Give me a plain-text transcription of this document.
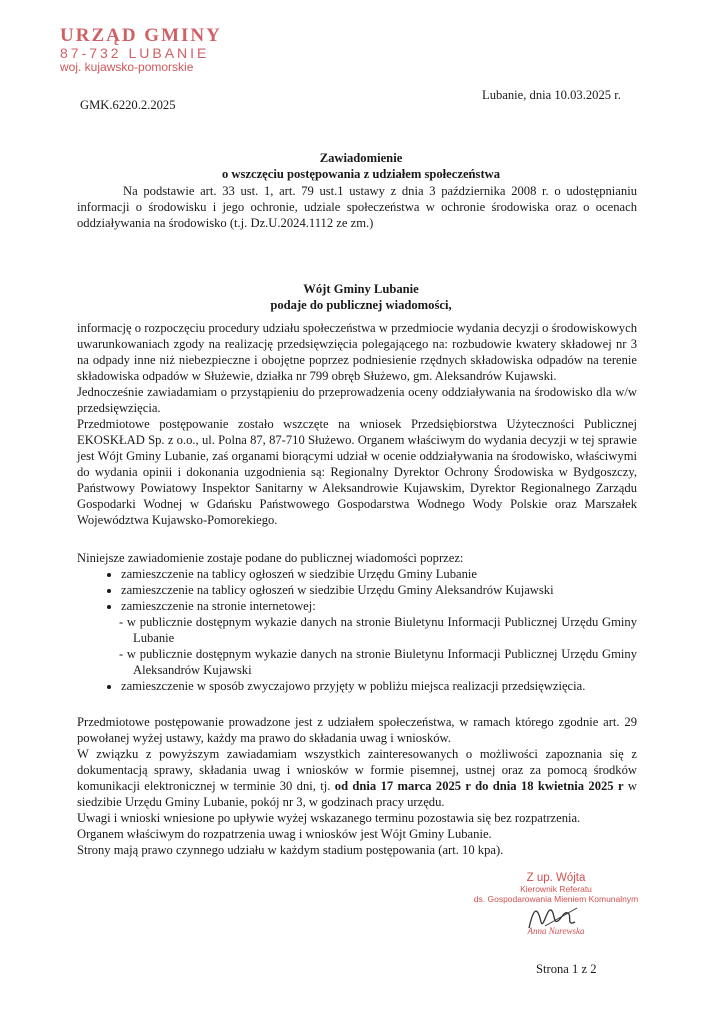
URZĄD GMINY
87-732 LUBANIE
woj. kujawsko-pomorskie
Lubanie, dnia 10.03.2025 r.
GMK.6220.2.2025
Zawiadomienie
o wszczęciu postępowania z udziałem społeczeństwa
Na podstawie art. 33 ust. 1, art. 79 ust.1 ustawy z dnia 3 października 2008 r. o udostępnianiu informacji o środowisku i jego ochronie, udziale społeczeństwa w ochronie środowiska oraz o ocenach oddziaływania na środowisko (t.j. Dz.U.2024.1112 ze zm.)
Wójt Gminy Lubanie
podaje do publicznej wiadomości,

informację o rozpoczęciu procedury udziału społeczeństwa w przedmiocie wydania decyzji o środowiskowych uwarunkowaniach zgody na realizację przedsięwzięcia polegającego na: rozbudowie kwatery składowej nr 3 na odpady inne niż niebezpieczne i obojętne poprzez podniesienie rzędnych składowiska odpadów na terenie składowiska odpadów w Służewie, działka nr 799 obręb Służewo, gm. Aleksandrów Kujawski.

Jednocześnie zawiadamiam o przystąpieniu do przeprowadzenia oceny oddziaływania na środowisko dla w/w przedsięwzięcia.

Przedmiotowe postępowanie zostało wszczęte na wniosek Przedsiębiorstwa Użyteczności Publicznej EKOSKŁAD Sp. z o.o., ul. Polna 87, 87-710 Służewo. Organem właściwym do wydania decyzji w tej sprawie jest Wójt Gminy Lubanie, zaś organami biorącymi udział w ocenie oddziaływania na środowisko, właściwymi do wydania opinii i dokonania uzgodnienia są: Regionalny Dyrektor Ochrony Środowiska w Bydgoszczy, Państwowy Powiatowy Inspektor Sanitarny w Aleksandrowie Kujawskim, Dyrektor Regionalnego Zarządu Gospodarki Wodnej w Gdańsku Państwowego Gospodarstwa Wodnego Wody Polskie oraz Marszałek Województwa Kujawsko-Pomorekiego.

Niniejsze zawiadomienie zostaje podane do publicznej wiadomości poprzez:
• zamieszczenie na tablicy ogłoszeń w siedzibie Urzędu Gminy Lubanie
• zamieszczenie na tablicy ogłoszeń w siedzibie Urzędu Gminy Aleksandrów Kujawski
• zamieszczenie na stronie internetowej:
- w publicznie dostępnym wykazie danych na stronie Biuletynu Informacji Publicznej Urzędu Gminy Lubanie
- w publicznie dostępnym wykazie danych na stronie Biuletynu Informacji Publicznej Urzędu Gminy Aleksandrów Kujawski
• zamieszczenie w sposób zwyczajowo przyjęty w pobliżu miejsca realizacji przedsięwzięcia.

Przedmiotowe postępowanie prowadzone jest z udziałem społeczeństwa, w ramach którego zgodnie art. 29 powołanej wyżej ustawy, każdy ma prawo do składania uwag i wniosków.

W związku z powyższym zawiadamiam wszystkich zainteresowanych o możliwości zapoznania się z dokumentacją sprawy, składania uwag i wniosków w formie pisemnej, ustnej oraz za pomocą środków komunikacji elektronicznej w terminie 30 dni, tj. od dnia 17 marca 2025 r do dnia 18 kwietnia 2025 r w siedzibie Urzędu Gminy Lubanie, pokój nr 3, w godzinach pracy urzędu.

Uwagi i wnioski wniesione po upływie wyżej wskazanego terminu pozostawia się bez rozpatrzenia.

Organem właściwym do rozpatrzenia uwag i wniosków jest Wójt Gminy Lubanie.

Strony mają prawo czynnego udziału w każdym stadium postępowania (art. 10 kpa).

Z up. Wójta
Kierownik Referatu
ds. Gospodarowania Mieniem Komunalnym
Anna Nurewska
Strona 1 z 2
